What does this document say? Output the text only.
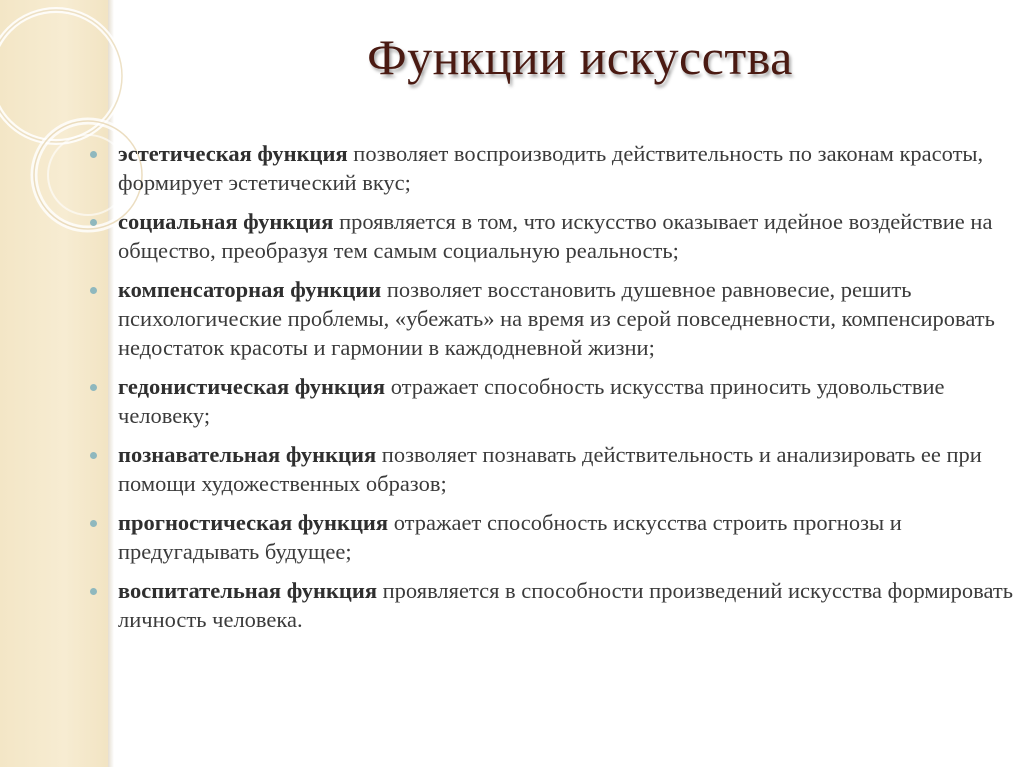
Функции искусства
эстетическая функция позволяет воспроизводить действительность по законам красоты, формирует эстетический вкус;
социальная функция проявляется в том, что искусство оказывает идейное воздействие на общество, преобразуя тем самым социальную реальность;
компенсаторная функции позволяет восстановить душевное равновесие, решить психологические проблемы, «убежать» на время из серой повседневности, компенсировать недостаток красоты и гармонии в каждодневной жизни;
гедонистическая функция отражает способность искусства приносить удовольствие человеку;
познавательная функция позволяет познавать действительность и анализировать ее при помощи художественных образов;
прогностическая функция отражает способность искусства строить прогнозы и предугадывать будущее;
воспитательная функция проявляется в способности произведений искусства формировать личность человека.
